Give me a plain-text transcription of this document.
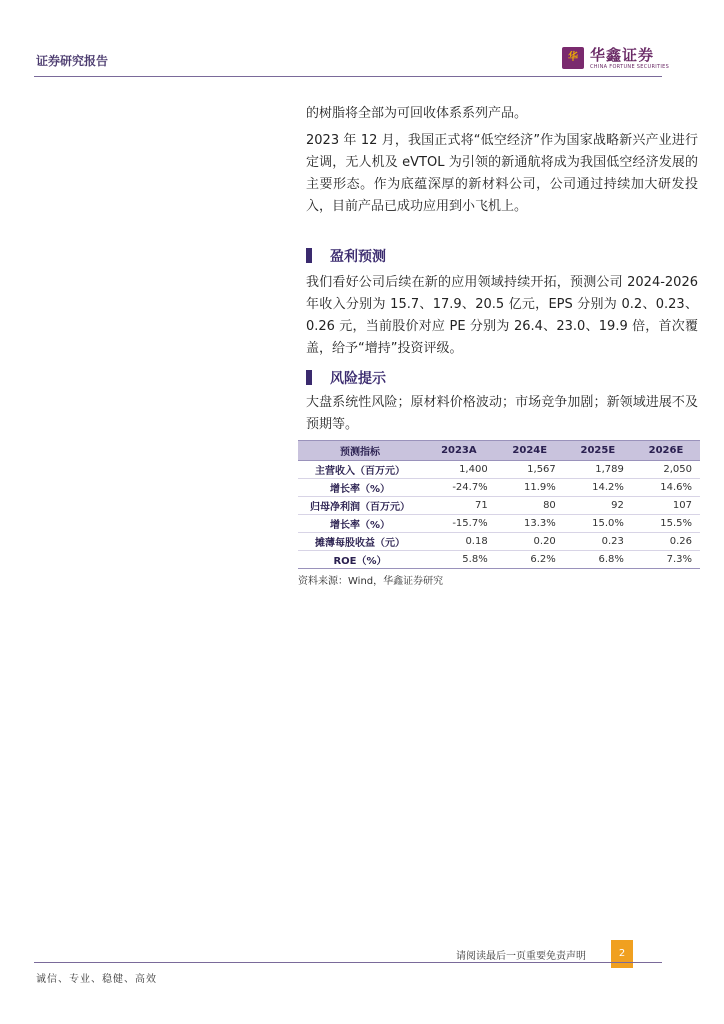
证券研究报告	华 华鑫证券
CHINA FORTUNE SECURITIES
的树脂将全部为可回收体系系列产品。
2023 年 12 月，我国正式将“低空经济”作为国家战略新兴产业进行定调，无人机及 eVTOL 为引领的新通航将成为我国低空经济发展的主要形态。作为底蕴深厚的新材料公司，公司通过持续加大研发投入，目前产品已成功应用到小飞机上。
盈利预测
我们看好公司后续在新的应用领域持续开拓，预测公司 2024-2026 年收入分别为 15.7、17.9、20.5 亿元，EPS 分别为 0.2、0.23、0.26 元，当前股价对应 PE 分别为 26.4、23.0、19.9 倍，首次覆盖，给予“增持”投资评级。
风险提示
大盘系统性风险；原材料价格波动；市场竞争加剧；新领域进展不及预期等。
预测指标	2023A	2024E	2025E	2026E
主营收入（百万元）	1,400	1,567	1,789	2,050
增长率（%）	-24.7%	11.9%	14.2%	14.6%
归母净利润（百万元）	71	80	92	107
增长率（%）	-15.7%	13.3%	15.0%	15.5%
摊薄每股收益（元）	0.18	0.20	0.23	0.26
ROE（%）	5.8%	6.2%	6.8%	7.3%
资料来源：Wind，华鑫证券研究
请阅读最后一页重要免责声明	2
诚信、专业、稳健、高效
